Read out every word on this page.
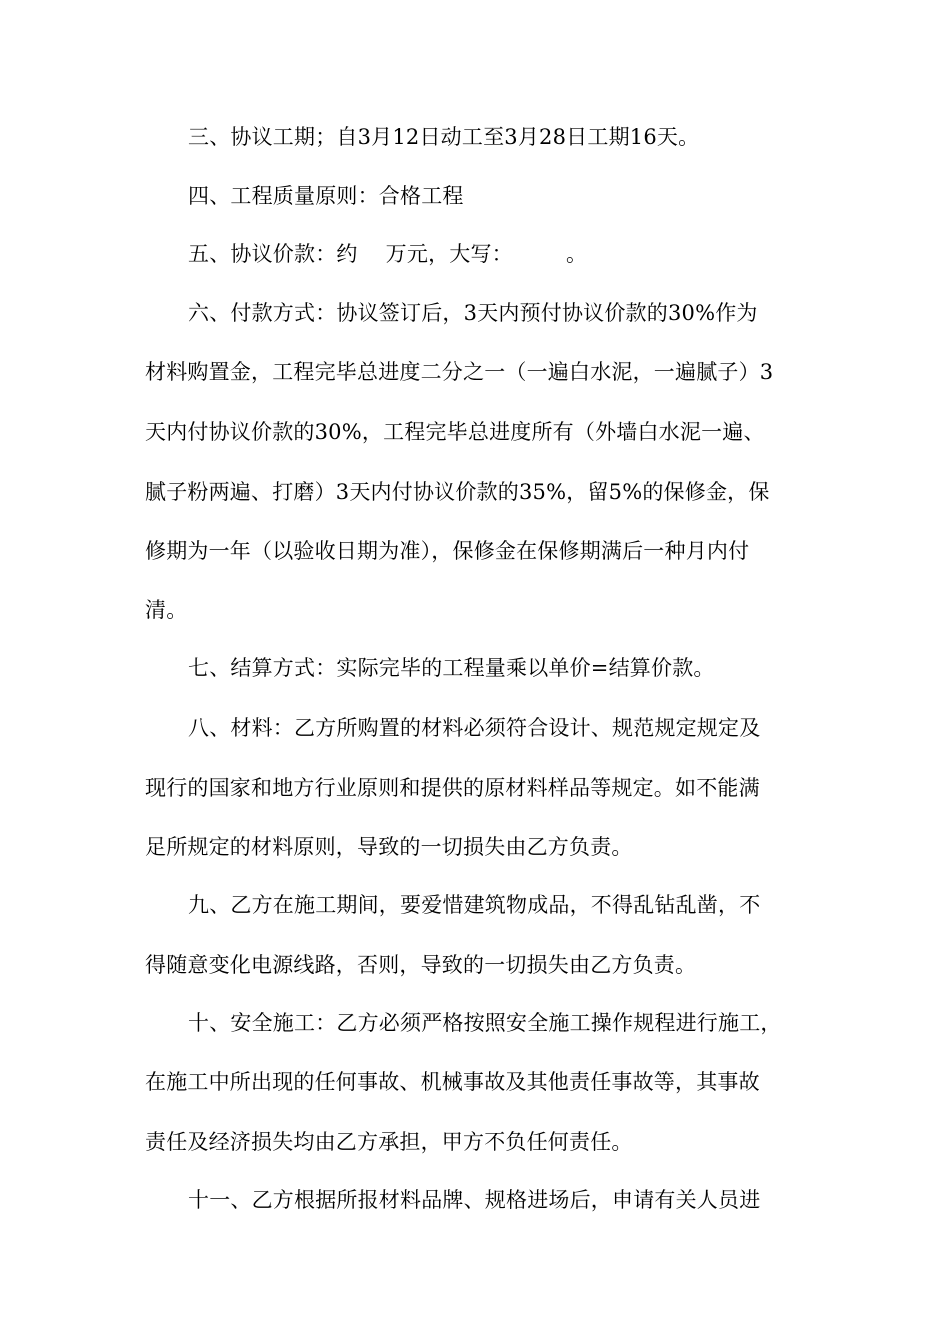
三、协议工期；自3月12日动工至3月28日工期16天。
四、工程质量原则：合格工程
五、协议价款：约　 万元，大写：　　　。
六、付款方式：协议签订后，3天内预付协议价款的30%作为
材料购置金，工程完毕总进度二分之一（一遍白水泥，一遍腻子）3
天内付协议价款的30%，工程完毕总进度所有（外墙白水泥一遍、
腻子粉两遍、打磨）3天内付协议价款的35%，留5%的保修金，保
修期为一年（以验收日期为准），保修金在保修期满后一种月内付
清。
七、结算方式：实际完毕的工程量乘以单价=结算价款。
八、材料：乙方所购置的材料必须符合设计、规范规定规定及
现行的国家和地方行业原则和提供的原材料样品等规定。如不能满
足所规定的材料原则，导致的一切损失由乙方负责。
九、乙方在施工期间，要爱惜建筑物成品，不得乱钻乱凿，不
得随意变化电源线路，否则，导致的一切损失由乙方负责。
十、安全施工：乙方必须严格按照安全施工操作规程进行施工，
在施工中所出现的任何事故、机械事故及其他责任事故等，其事故
责任及经济损失均由乙方承担，甲方不负任何责任。
十一、乙方根据所报材料品牌、规格进场后，申请有关人员进
